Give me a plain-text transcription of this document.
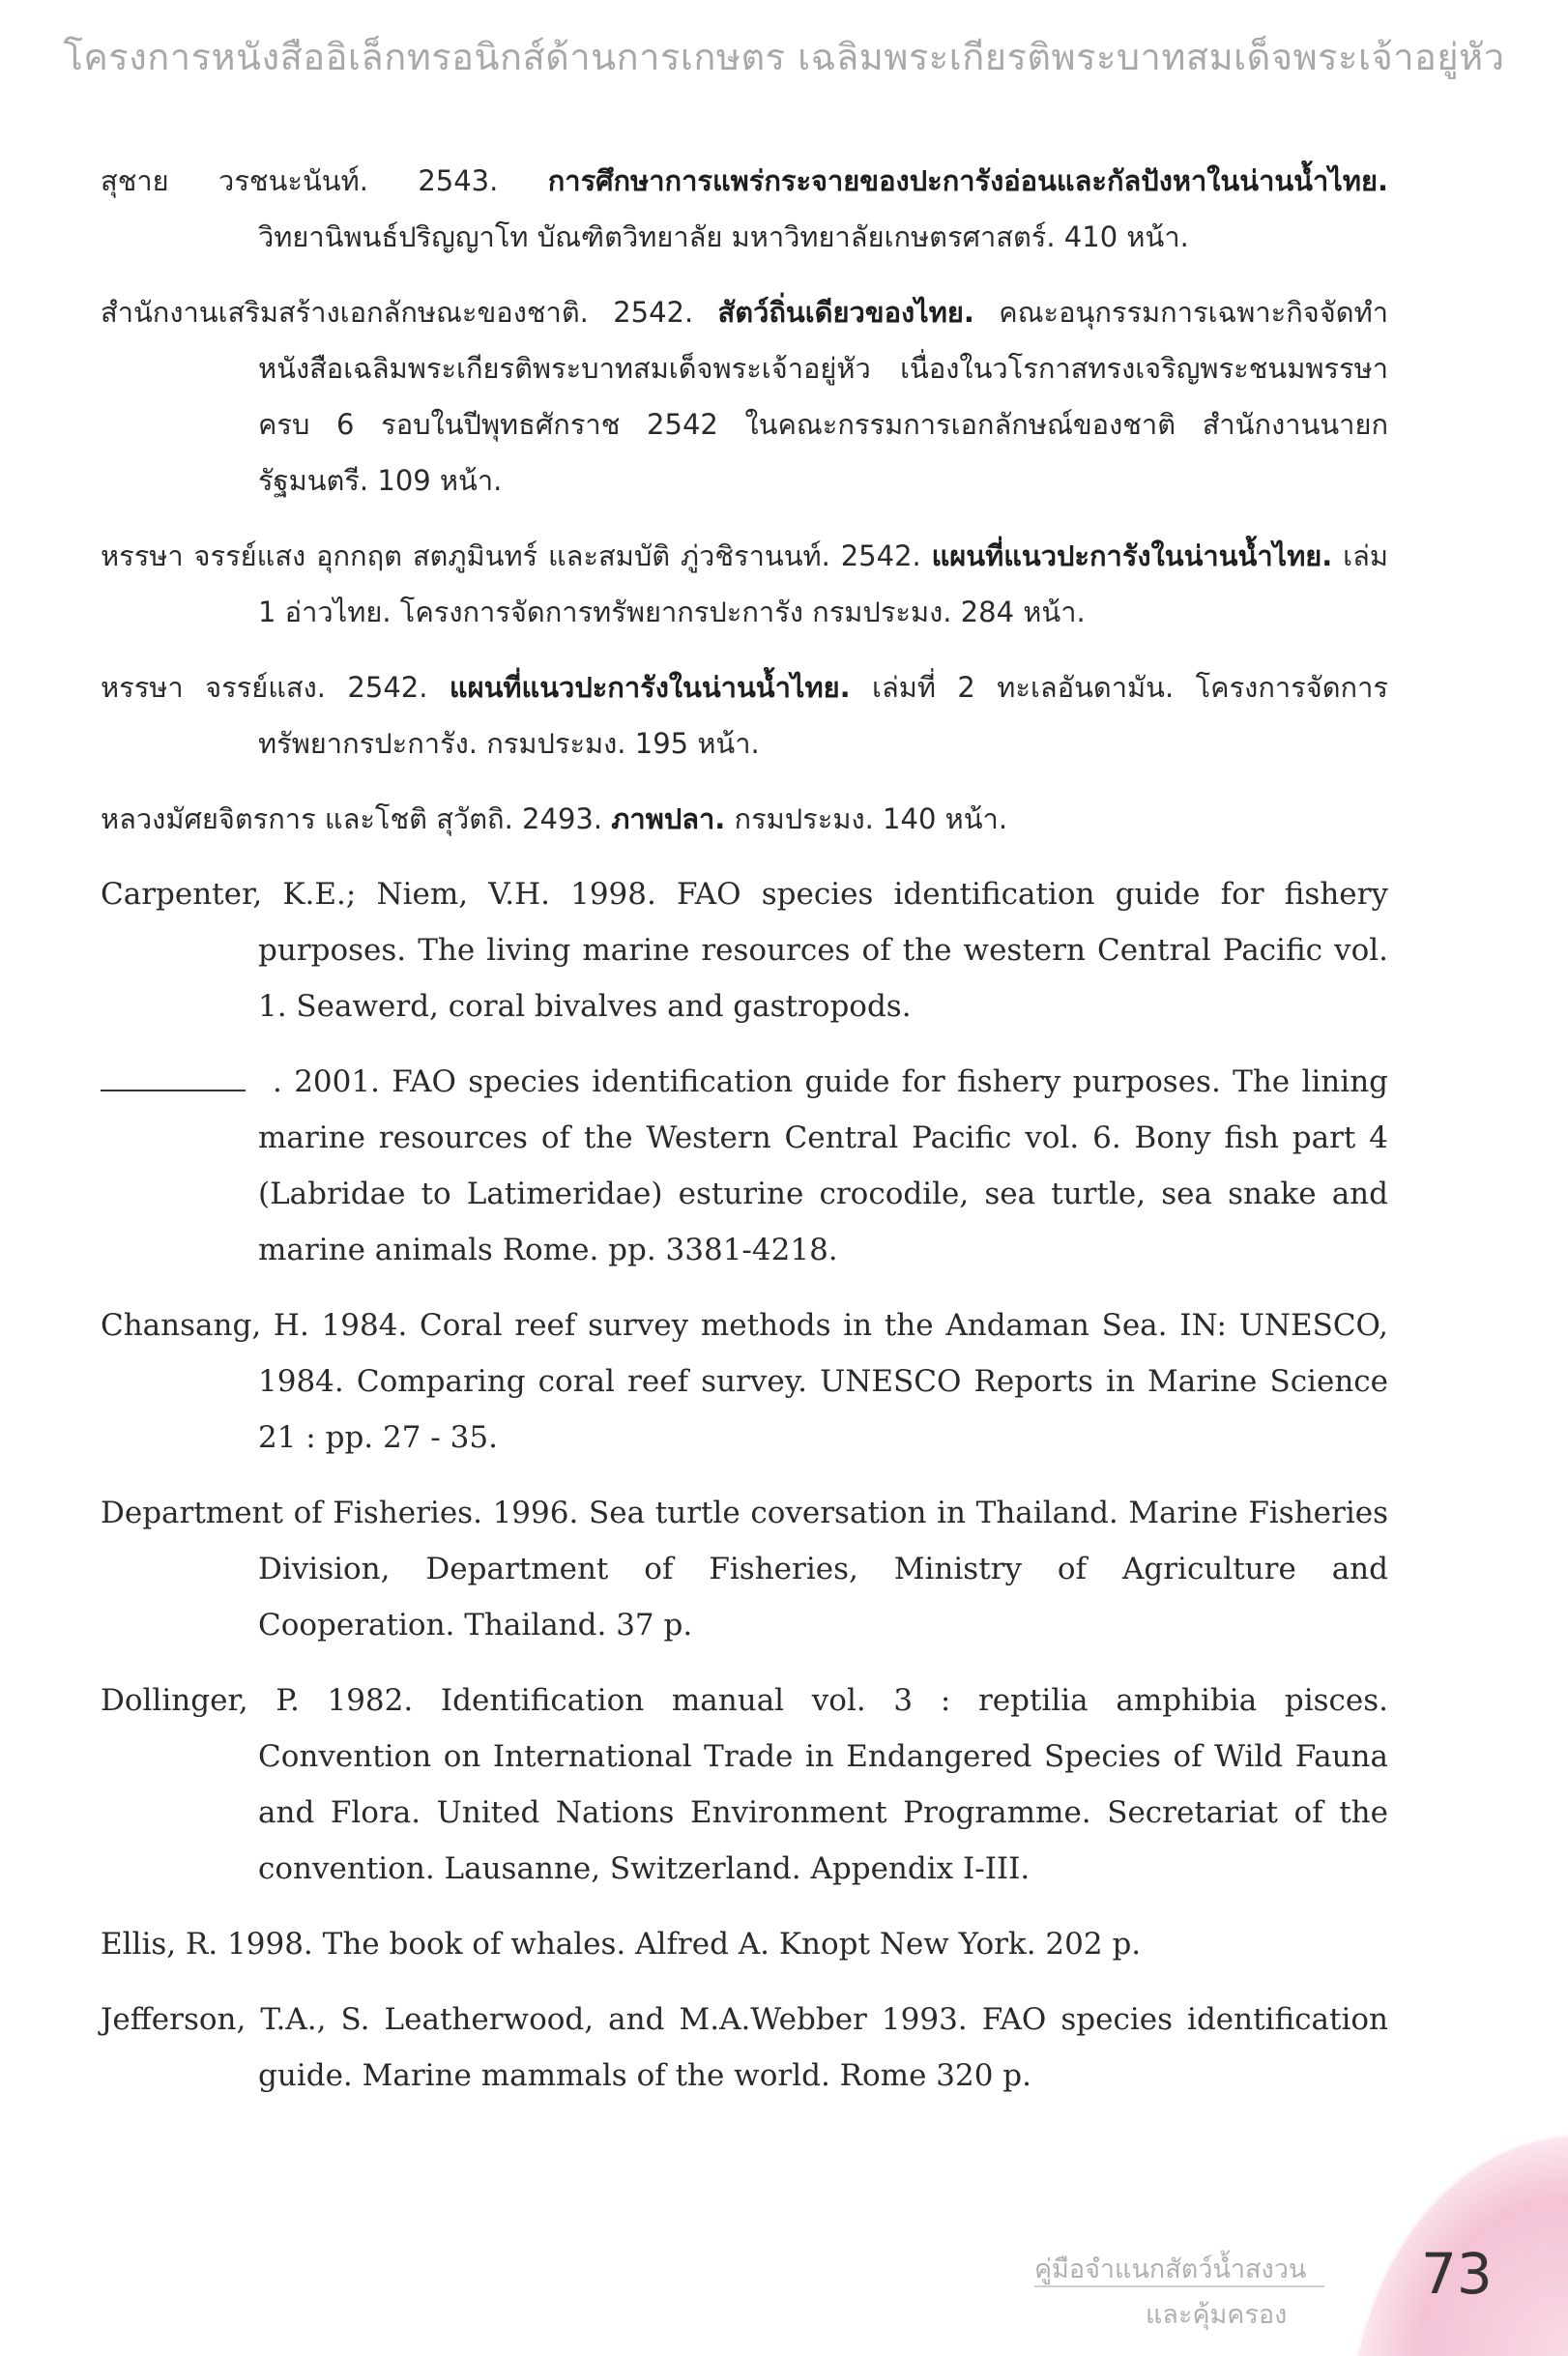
โครงการหนังสืออิเล็กทรอนิกส์ด้านการเกษตร เฉลิมพระเกียรติพระบาทสมเด็จพระเจ้าอยู่หัว
สุชาย วรชนะนันท์. 2543. การศึกษาการแพร่กระจายของปะการังอ่อนและกัลปังหาในน่านน้ำไทย. วิทยานิพนธ์ปริญญาโท บัณฑิตวิทยาลัย มหาวิทยาลัยเกษตรศาสตร์. 410 หน้า.
สำนักงานเสริมสร้างเอกลักษณะของชาติ. 2542. สัตว์ถิ่นเดียวของไทย. คณะอนุกรรมการเฉพาะกิจจัดทำหนังสือเฉลิมพระเกียรติพระบาทสมเด็จพระเจ้าอยู่หัว เนื่องในวโรกาสทรงเจริญพระชนมพรรษาครบ 6 รอบในปีพุทธศักราช 2542 ในคณะกรรมการเอกลักษณ์ของชาติ สำนักงานนายกรัฐมนตรี. 109 หน้า.
หรรษา จรรย์แสง อุกกฤต สตภูมินทร์ และสมบัติ ภู่วชิรานนท์. 2542. แผนที่แนวปะการังในน่านน้ำไทย. เล่ม 1 อ่าวไทย. โครงการจัดการทรัพยากรปะการัง กรมประมง. 284 หน้า.
หรรษา จรรย์แสง. 2542. แผนที่แนวปะการังในน่านน้ำไทย. เล่มที่ 2 ทะเลอันดามัน. โครงการจัดการทรัพยากรปะการัง. กรมประมง. 195 หน้า.
หลวงมัศยจิตรการ และโชติ สุวัตถิ. 2493. ภาพปลา. กรมประมง. 140 หน้า.
Carpenter, K.E.; Niem, V.H. 1998. FAO species identification guide for fishery purposes. The living marine resources of the western Central Pacific vol. 1. Seawerd, coral bivalves and gastropods.
. 2001. FAO species identification guide for fishery purposes. The lining marine resources of the Western Central Pacific vol. 6. Bony fish part 4 (Labridae to Latimeridae) esturine crocodile, sea turtle, sea snake and marine animals Rome. pp. 3381-4218.
Chansang, H. 1984. Coral reef survey methods in the Andaman Sea. IN: UNESCO, 1984. Comparing coral reef survey. UNESCO Reports in Marine Science 21 : pp. 27 - 35.
Department of Fisheries. 1996. Sea turtle coversation in Thailand. Marine Fisheries Division, Department of Fisheries, Ministry of Agriculture and Cooperation. Thailand. 37 p.
Dollinger, P. 1982. Identification manual vol. 3 : reptilia amphibia pisces. Convention on International Trade in Endangered Species of Wild Fauna and Flora. United Nations Environment Programme. Secretariat of the convention. Lausanne, Switzerland. Appendix I-III.
Ellis, R. 1998. The book of whales. Alfred A. Knopt New York. 202 p.
Jefferson, T.A., S. Leatherwood, and M.A.Webber 1993. FAO species identification guide. Marine mammals of the world. Rome 320 p.
คู่มือจำแนกสัตว์น้ำสงวน
และคุ้มครอง
73
